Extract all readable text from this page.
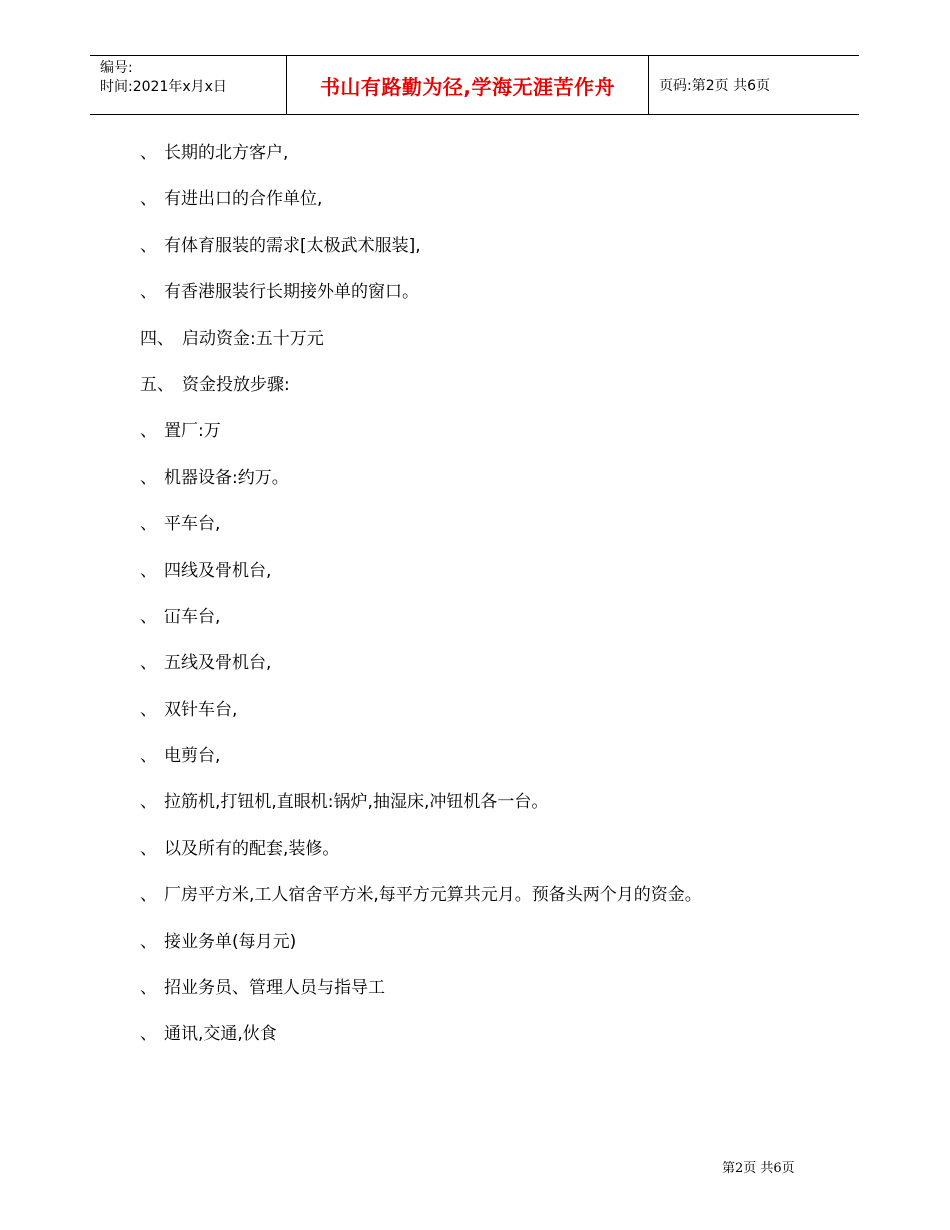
编号:
时间:2021年x月x日	书山有路勤为径,学海无涯苦作舟	页码:第2页 共6页
、 长期的北方客户,
、 有进出口的合作单位,
、 有体育服装的需求[太极武术服装],
、 有香港服装行长期接外单的窗口。
四、 启动资金:五十万元
五、 资金投放步骤:
、 置厂:万
、 机器设备:约万。
、 平车台,
、 四线及骨机台,
、 冚车台,
、 五线及骨机台,
、 双针车台,
、 电剪台,
、 拉筋机,打钮机,直眼机:锅炉,抽湿床,冲钮机各一台。
、 以及所有的配套,装修。
、 厂房平方米,工人宿舍平方米,每平方元算共元月。预备头两个月的资金。
、 接业务单(每月元)
、 招业务员、管理人员与指导工
、 通讯,交通,伙食
第2页 共6页
